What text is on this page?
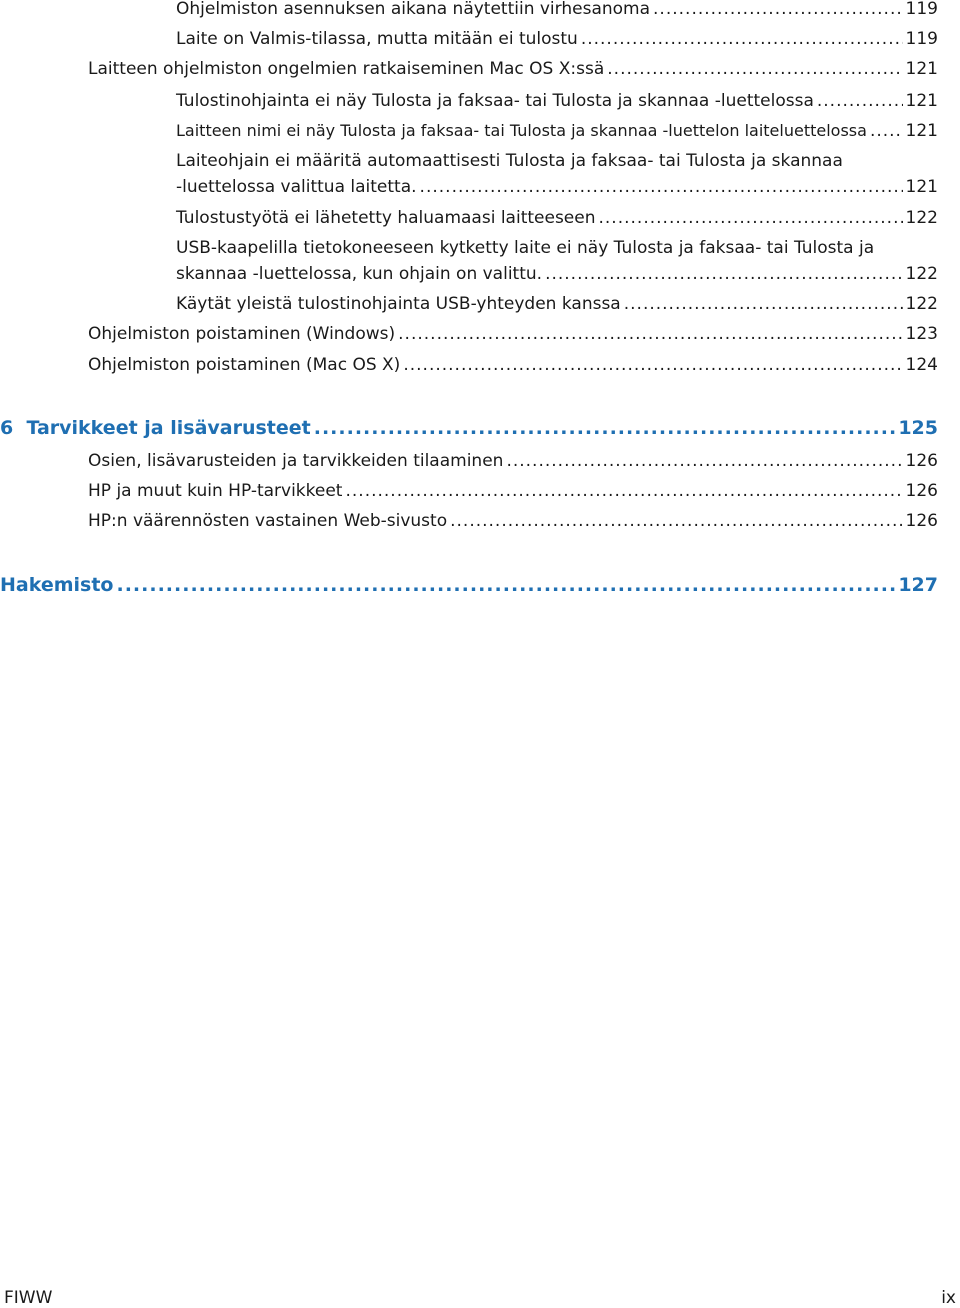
Ohjelmiston asennuksen aikana näytettiin virhesanoma .....	119
Laite on Valmis-tilassa, mutta mitään ei tulostu .....	119
Laitteen ohjelmiston ongelmien ratkaiseminen Mac OS X:ssä .....	121
Tulostinohjainta ei näy Tulosta ja faksaa- tai Tulosta ja skannaa -luettelossa .....	121
Laitteen nimi ei näy Tulosta ja faksaa- tai Tulosta ja skannaa -luettelon laiteluettelossa ..... 121
Laiteohjain ei määritä automaattisesti Tulosta ja faksaa- tai Tulosta ja skannaa
-luettelossa valittua laitetta. .....	121
Tulostustyötä ei lähetetty haluamaasi laitteeseen .....	122
USB-kaapelilla tietokoneeseen kytketty laite ei näy Tulosta ja faksaa- tai Tulosta ja
skannaa -luettelossa, kun ohjain on valittu. .....	122
Käytät yleistä tulostinohjainta USB-yhteyden kanssa .....	122
Ohjelmiston poistaminen (Windows) .....	123
Ohjelmiston poistaminen (Mac OS X) .....	124
6  Tarvikkeet ja lisävarusteet .....	125
Osien, lisävarusteiden ja tarvikkeiden tilaaminen .....	126
HP ja muut kuin HP-tarvikkeet .....	126
HP:n väärennösten vastainen Web-sivusto .....	126
Hakemisto .....	127
FIWW	ix
